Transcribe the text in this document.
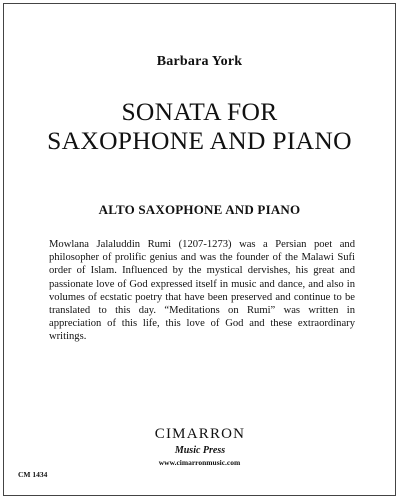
Barbara York
SONATA FOR
SAXOPHONE AND PIANO
ALTO SAXOPHONE AND PIANO

Mowlana Jalaluddin Rumi (1207-1273) was a Persian poet and philosopher of prolific genius and was the founder of the Malawi Sufi order of Islam. Influenced by the mystical dervishes, his great and passionate love of God expressed itself in music and dance, and also in volumes of ecstatic poetry that have been preserved and continue to be translated to this day. “Meditations on Rumi” was written in appreciation of this life, this love of God and these extraordinary writings.

CIMARRON
Music Press
www.cimarronmusic.com
CM 1434
